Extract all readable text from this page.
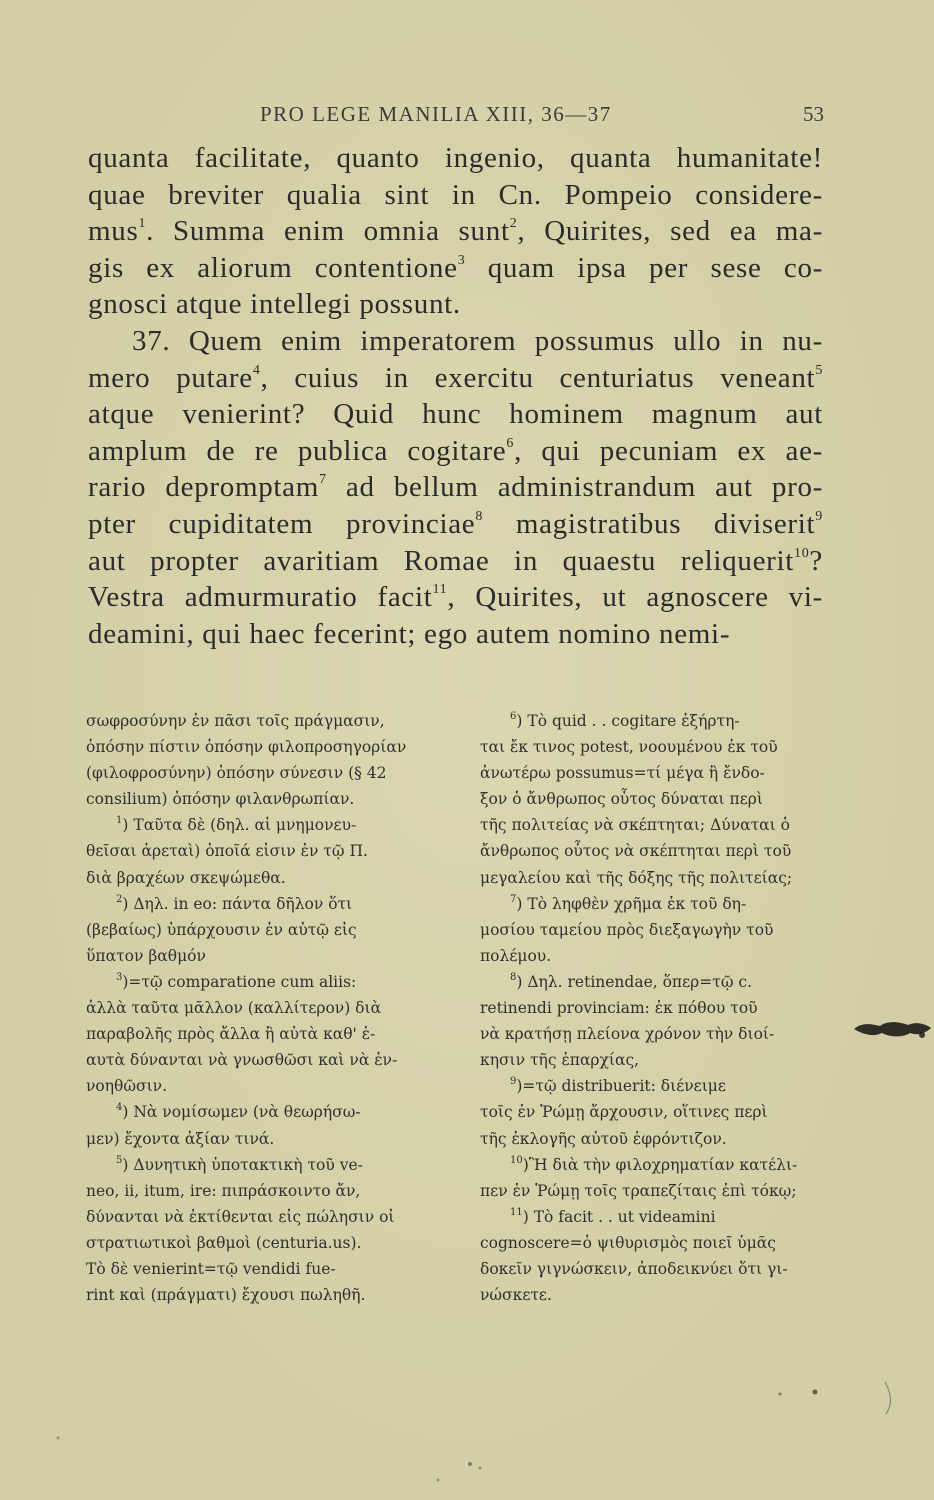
PRO LEGE MANILIA XIII, 36—37	53
quanta facilitate, quanto ingenio, quanta humanitate!
quae breviter qualia sint in Cn. Pompeio considere-
mus$^1$. Summa enim omnia sunt$^2$, Quirites, sed ea ma-
gis ex aliorum contentione$^3$ quam ipsa per sese co-
gnosci atque intellegi possunt.
37. Quem enim imperatorem possumus ullo in nu-
mero putare$^4$, cuius in exercitu centuriatus veneant$^5$
atque venierint? Quid hunc hominem magnum aut
amplum de re publica cogitare$^6$, qui pecuniam ex ae-
rario depromptam$^7$ ad bellum administrandum aut pro-
pter cupiditatem provinciae$^8$ magistratibus diviserit$^9$
aut propter avaritiam Romae in quaestu reliquerit$^{10}$?
Vestra admurmuratio facit$^{11}$, Quirites, ut agnoscere vi-
deamini, qui haec fecerint; ego autem nomino nemi-
σωφροσύνην ἐν πᾶσι τοῖς πράγμασιν,
ὁπόσην πίστιν ὁπόσην φιλοπροσηγορίαν
(φιλοφροσύνην) ὁπόσην σύνεσιν (§ 42
consilium) ὁπόσην φιλανθρωπίαν.
$^1$) Ταῦτα δὲ (δηλ. αἱ μνημονευ-
θεῖσαι ἀρεταὶ) ὁποῖά εἰσιν ἐν τῷ Π.
διὰ βραχέων σκεψώμεθα.
$^2$) Δηλ. in eo: πάντα δῆλον ὅτι
(βεβαίως) ὑπάρχουσιν ἐν αὐτῷ εἰς
ὕπατον βαθμόν
$^3$)=τῷ comparatione cum aliis:
ἀλλὰ ταῦτα μᾶλλον (καλλίτερον) διὰ
παραβολῆς πρὸς ἄλλα ἢ αὐτὰ καθ' ἑ-
αυτὰ δύνανται νὰ γνωσθῶσι καὶ νὰ ἐν-
νοηθῶσιν.
$^4$) Νὰ νομίσωμεν (νὰ θεωρήσω-
μεν) ἔχοντα ἀξίαν τινά.
$^5$) Δυνητικὴ ὑποτακτικὴ τοῦ ve-
neo, ii, itum, ire: πιπράσκοιντο ἄν,
δύνανται νὰ ἐκτίθενται εἰς πώλησιν οἱ
στρατιωτικοὶ βαθμοὶ (centuria.us).
Τὸ δὲ venierint=τῷ vendidi fue-
rint καὶ (πράγματι) ἔχουσι πωληθῆ.
$^6$) Τὸ quid . . cogitare ἐξήρτη-
ται ἔκ τινος potest, νοουμένου ἐκ τοῦ
ἀνωτέρω possumus=τί μέγα ἢ ἔνδο-
ξον ὁ ἄνθρωπος οὗτος δύναται περὶ
τῆς πολιτείας νὰ σκέπτηται; Δύναται ὁ
ἄνθρωπος οὗτος νὰ σκέπτηται περὶ τοῦ
μεγαλείου καὶ τῆς δόξης τῆς πολιτείας;
$^7$) Τὸ ληφθὲν χρῆμα ἐκ τοῦ δη-
μοσίου ταμείου πρὸς διεξαγωγὴν τοῦ
πολέμου.
$^8$) Δηλ. retinendae, ὅπερ=τῷ c.
retinendi provinciam: ἐκ πόθου τοῦ
νὰ κρατήσῃ πλείονα χρόνον τὴν διοί-
κησιν τῆς ἐπαρχίας,
$^9$)=τῷ distribuerit: διένειμε
τοῖς ἐν Ῥώμῃ ἄρχουσιν, οἵτινες περὶ
τῆς ἐκλογῆς αὐτοῦ ἐφρόντιζον.
$^{10}$)Ἢ διὰ τὴν φιλοχρηματίαν κατέλι-
πεν ἐν Ῥώμῃ τοῖς τραπεζίταις ἐπὶ τόκῳ;
$^{11}$) Τὸ facit . . ut videamini
cognoscere=ὁ ψιθυρισμὸς ποιεῖ ὑμᾶς
δοκεῖν γιγνώσκειν, ἀποδεικνύει ὅτι γι-
νώσκετε.
